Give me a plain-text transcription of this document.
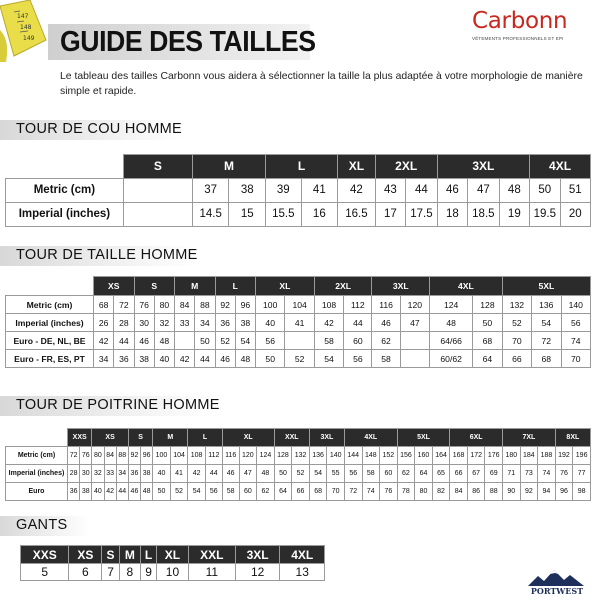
147
148
149 GUIDE DES TAILLES
Carbonn
VÊTEMENTS PROFESSIONNELS ET EPI
Le tableau des tailles Carbonn vous aidera à sélectionner la taille la plus adaptée à votre morphologie de manière simple et rapide.
TOUR DE COU HOMME
	S	M		L		XL	2XL		3XL			4XL	
Metric (cm)		37	38	39	41	42	43	44	46	47	48	50	51
Imperial (inches)		14.5	15	15.5	16	16.5	17	17.5	18	18.5	19	19.5	20
TOUR DE TAILLE HOMME
	XS		S		M		L		XL		2XL		3XL		4XL		5XL		
Metric (cm)	68	72	76	80	84	88	92	96	100	104	108	112	116	120	124	128	132	136	140
Imperial (inches)	26	28	30	32	33	34	36	38	40	41	42	44	46	47	48	50	52	54	56
Euro - DE, NL, BE	42	44	46	48		50	52	54	56		58	60	62		64/66	68	70	72	74
Euro - FR, ES, PT	34	36	38	40	42	44	46	48	50	52	54	56	58		60/62	64	66	68	70
TOUR DE POITRINE HOMME
	XXS		XS			S		M		L		XL			XXL		3XL		4XL			5XL			6XL			7XL			8XL	
Metric (cm)	72	76	80	84	88	92	96	100	104	108	112	116	120	124	128	132	136	140	144	148	152	156	160	164	168	172	176	180	184	188	192	196
Imperial (inches)	28	30	32	33	34	36	38	40	41	42	44	46	47	48	50	52	54	55	56	58	60	62	64	65	66	67	69	71	73	74	76	77
Euro	36	38	40	42	44	46	48	50	52	54	56	58	60	62	64	66	68	70	72	74	76	78	80	82	84	86	88	90	92	94	96	98
GANTS
XXS	XS	S	M	L	XL	XXL	3XL	4XL
5	6	7	8	9	10	11	12	13
PORTWEST
